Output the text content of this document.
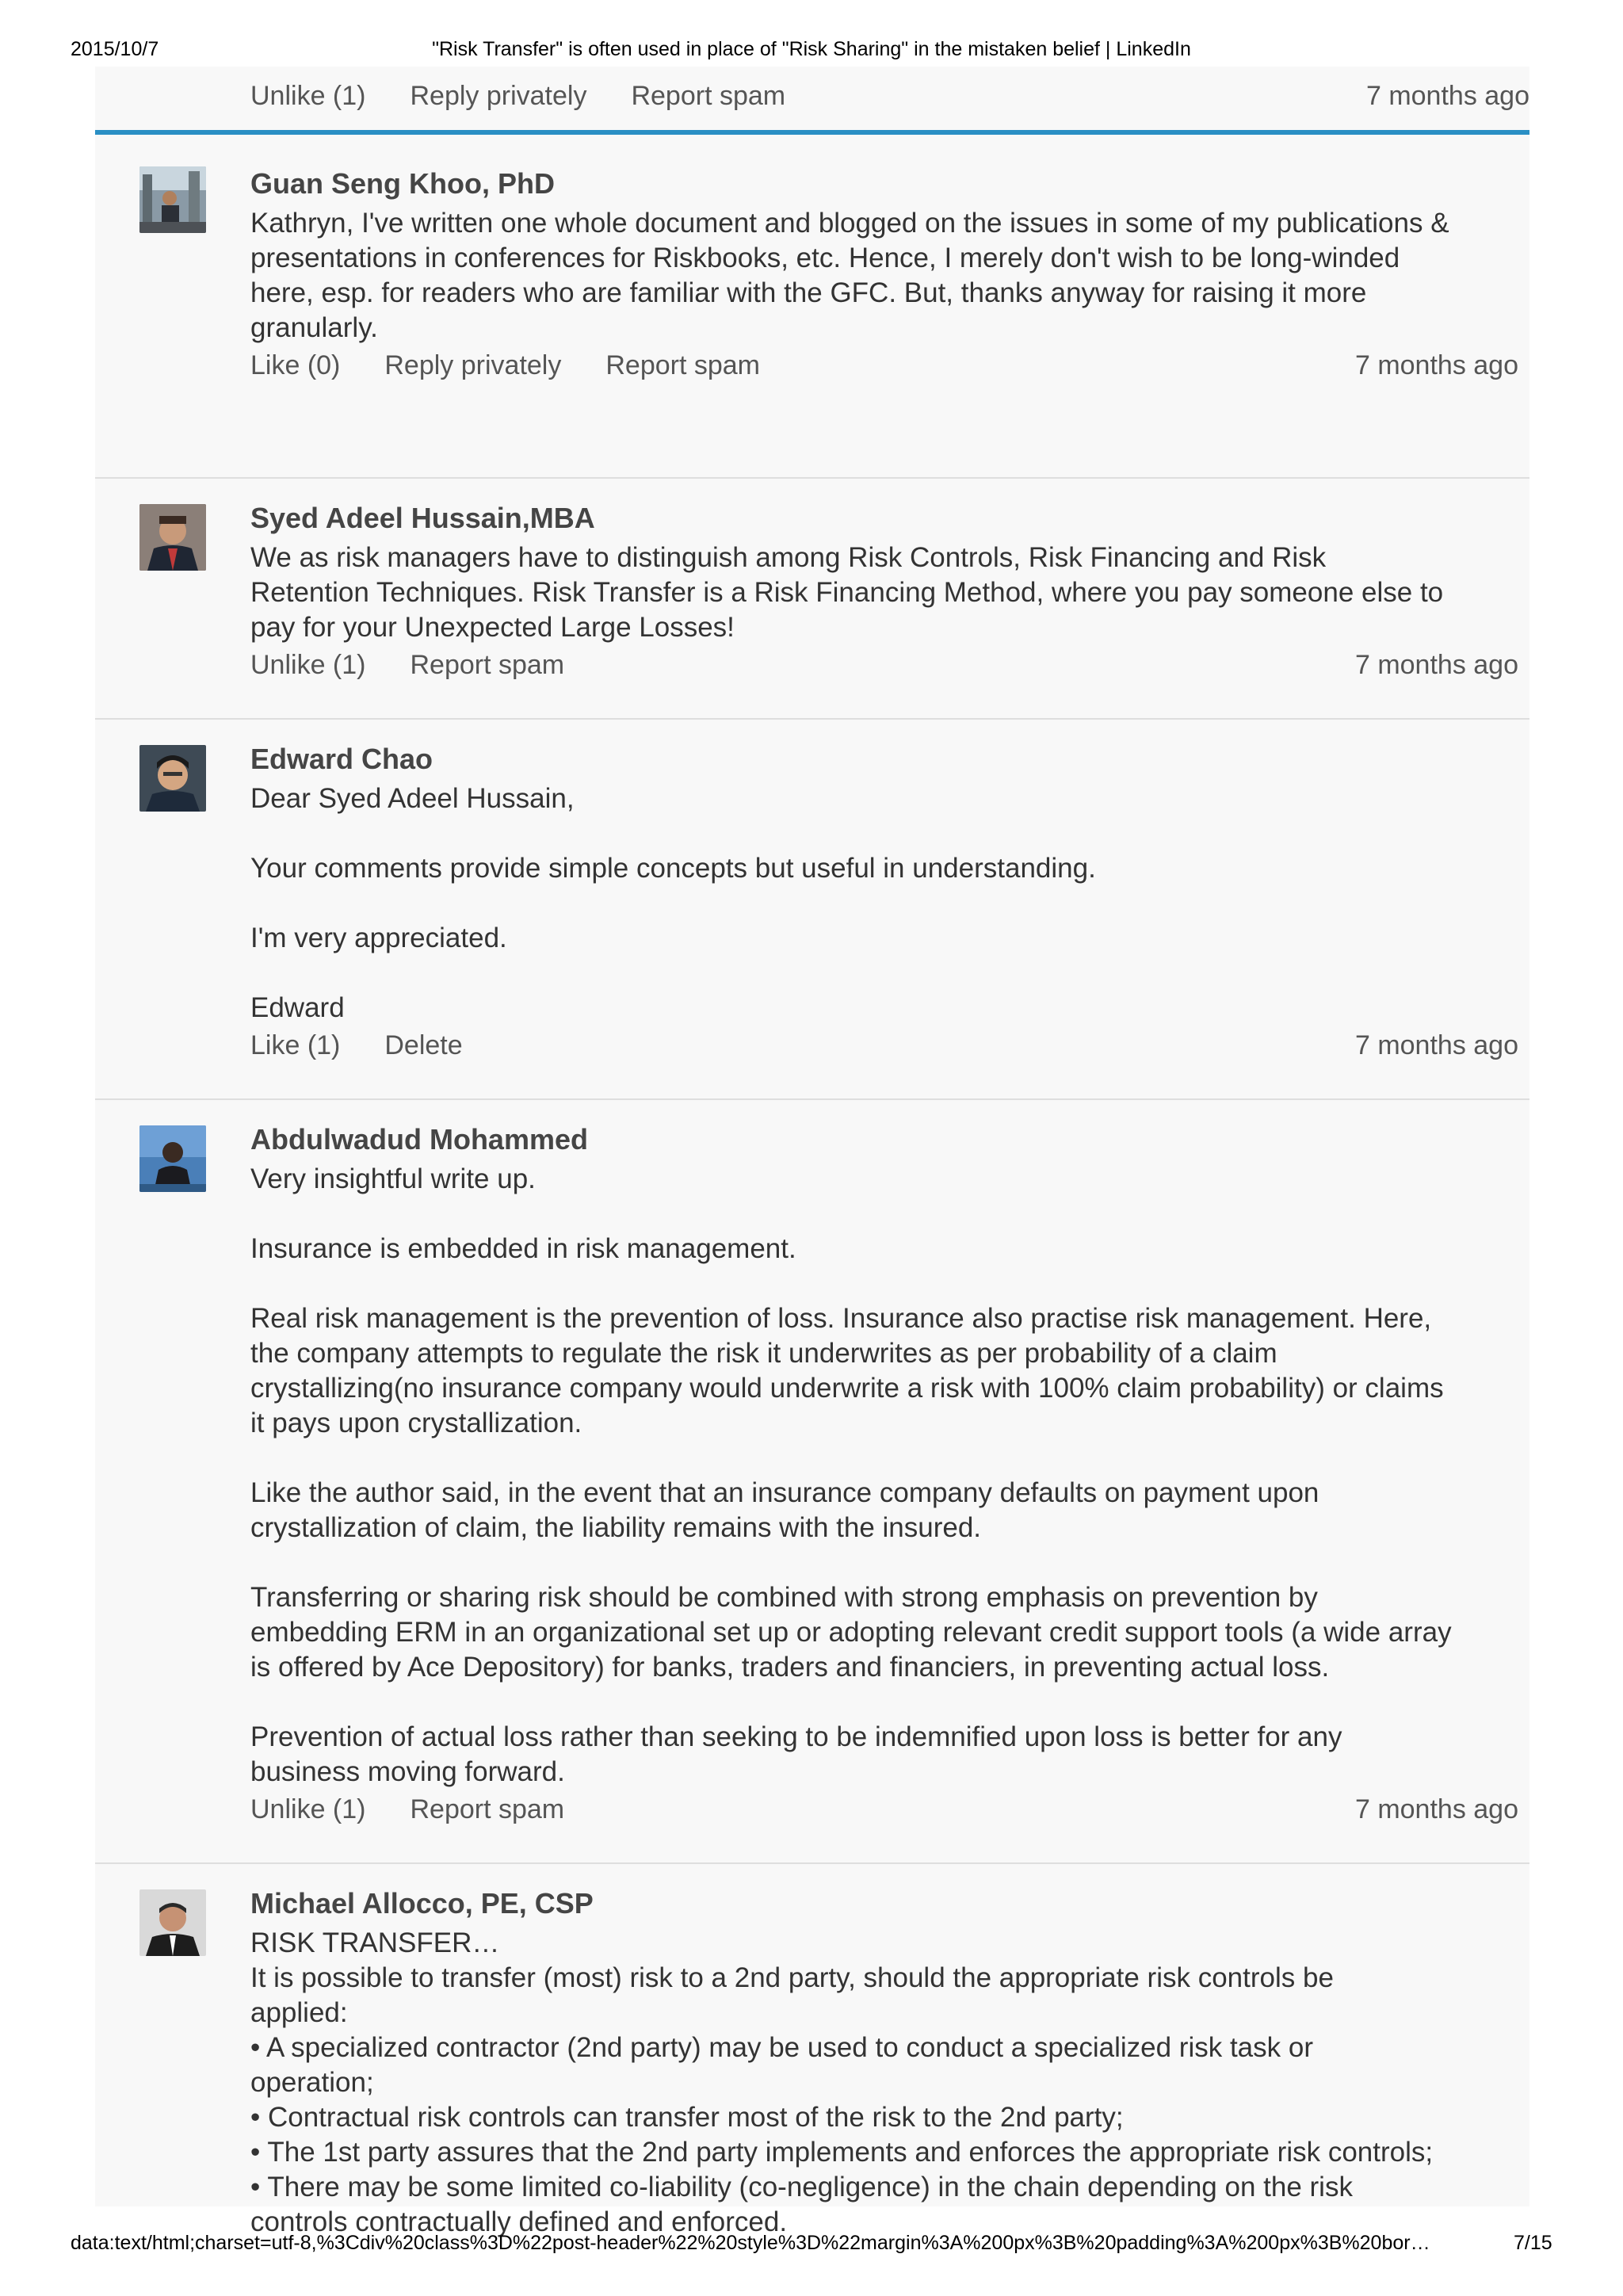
2015/10/7	"Risk Transfer" is often used in place of "Risk Sharing" in the mistaken belief | LinkedIn
Unlike (1) Reply privately Report spam	7 months ago
Guan Seng Khoo, PhD
Kathryn, I've written one whole document and blogged on the issues in some of my publications &
presentations in conferences for Riskbooks, etc. Hence, I merely don't wish to be long-winded
here, esp. for readers who are familiar with the GFC. But, thanks anyway for raising it more
granularly.
Like (0) Reply privately Report spam	7 months ago
Syed Adeel Hussain,MBA
We as risk managers have to distinguish among Risk Controls, Risk Financing and Risk
Retention Techniques. Risk Transfer is a Risk Financing Method, where you pay someone else to
pay for your Unexpected Large Losses!
Unlike (1) Report spam	7 months ago
Edward Chao
Dear Syed Adeel Hussain,

Your comments provide simple concepts but useful in understanding.

I'm very appreciated.

Edward
Like (1) Delete	7 months ago
Abdulwadud Mohammed
Very insightful write up.

Insurance is embedded in risk management.

Real risk management is the prevention of loss. Insurance also practise risk management. Here,
the company attempts to regulate the risk it underwrites as per probability of a claim
crystallizing(no insurance company would underwrite a risk with 100% claim probability) or claims
it pays upon crystallization.

Like the author said, in the event that an insurance company defaults on payment upon
crystallization of claim, the liability remains with the insured.

Transferring or sharing risk should be combined with strong emphasis on prevention by
embedding ERM in an organizational set up or adopting relevant credit support tools (a wide array
is offered by Ace Depository) for banks, traders and financiers, in preventing actual loss.

Prevention of actual loss rather than seeking to be indemnified upon loss is better for any
business moving forward.
Unlike (1) Report spam	7 months ago
Michael Allocco, PE, CSP
RISK TRANSFER…
It is possible to transfer (most) risk to a 2nd party, should the appropriate risk controls be
applied:
• A specialized contractor (2nd party) may be used to conduct a specialized risk task or
operation;
• Contractual risk controls can transfer most of the risk to the 2nd party;
• The 1st party assures that the 2nd party implements and enforces the appropriate risk controls;
• There may be some limited co-liability (co-negligence) in the chain depending on the risk
controls contractually defined and enforced.
data:text/html;charset=utf-8,%3Cdiv%20class%3D%22post-header%22%20style%3D%22margin%3A%200px%3B%20padding%3A%200px%3B%20bor…	7/15
